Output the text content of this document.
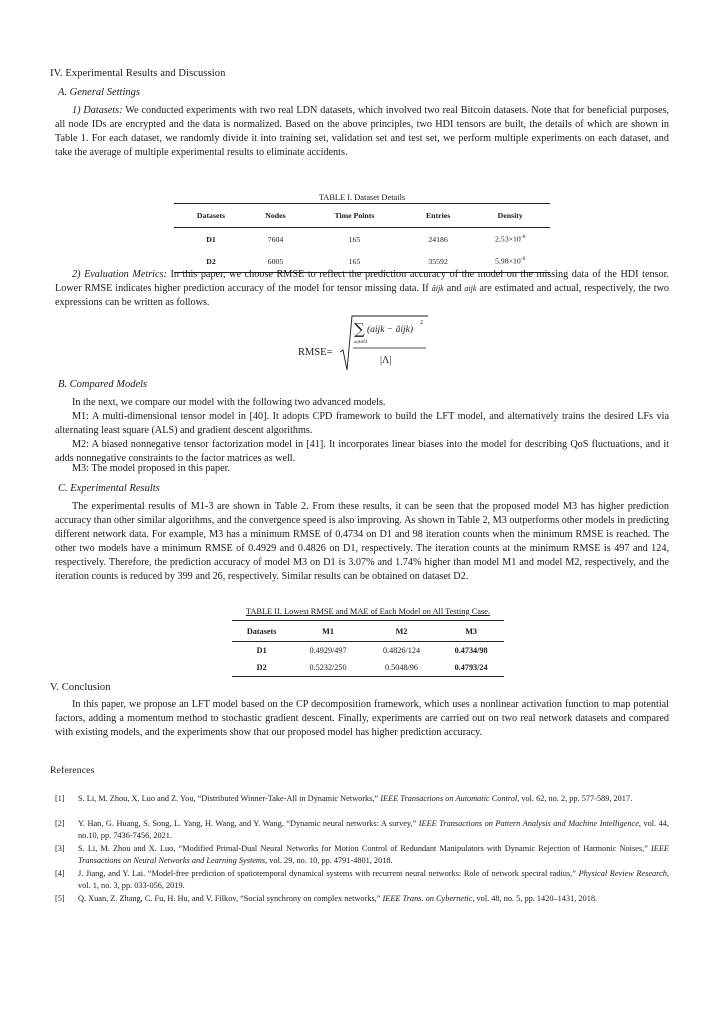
IV. Experimental Results and Discussion
A. General Settings

1) Datasets: We conducted experiments with two real LDN datasets, which involved two real Bitcoin datasets. Note that for beneficial purposes, all node IDs are encrypted and the data is normalized. Based on the above principles, two HDI tensors are built, the details of which are shown in Table 1. For each dataset, we randomly divide it into training set, validation set and test set, we perform multiple experiments on each dataset, and take the average of multiple experimental results to eliminate accidents.

TABLE I. Dataset Details
Datasets	Nodes	Time Points	Entries	Density
D1	7604	165	24186	$2.53\times 10^{-6}$
D2	6005	165	35592	$5.98\times 10^{-6}$

2) Evaluation Metrics: In this paper, we choose RMSE to reflect the prediction accuracy of the model on the missing data of the HDI tensor. Lower RMSE indicates higher prediction accuracy of the model for tensor missing data. If âijk and aijk are estimated and actual, respectively, the two expressions can be written as follows.

RMSE=
∑
aijk∈Λ
(aijk − âijk)
2
|Λ|
B. Compared Models
In the next, we compare our model with the following two advanced models.

M1: A multi-dimensional tensor model in [40]. It adopts CPD framework to build the LFT model, and alternatively trains the desired LFs via alternating least square (ALS) and gradient descent algorithms.

M2: A biased nonnegative tensor factorization model in [41]. It incorporates linear biases into the model for describing QoS fluctuations, and it adds nonnegative constraints to the factor matrices as well.

M3: The model proposed in this paper.
C. Experimental Results

The experimental results of M1-3 are shown in Table 2. From these results, it can be seen that the proposed model M3 has higher prediction accuracy than other similar algorithms, and the convergence speed is also improving. As shown in Table 2, M3 outperforms other models in predicting different network data. For example, M3 has a minimum RMSE of 0.4734 on D1 and 98 iteration counts when the minimum RMSE is reached. The other two models have a minimum RMSE of 0.4929 and 0.4826 on D1, respectively. The iteration counts at the minimum RMSE is 497 and 124, respectively. Therefore, the prediction accuracy of model M3 on D1 is 3.07% and 1.74% higher than model M1 and model M2, respectively, and the iteration counts is reduced by 399 and 26, respectively. Similar results can be obtained on dataset D2.

TABLE II. Lowest RMSE and MAE of Each Model on All Testing Case.
Datasets	M1	M2	M3
D1	0.4929/497	0.4826/124	0.4734/98
D2	0.5232/250	0.5048/96	0.4793/24
V. Conclusion

In this paper, we propose an LFT model based on the CP decomposition framework, which uses a nonlinear activation function to map potential factors, adding a momentum method to stochastic gradient descent. Finally, experiments are carried out on two real network datasets and compared with existing models, and the experiments show that our proposed model has higher prediction accuracy.

References
[1] S. Li, M. Zhou, X. Luo and Z. You, “Distributed Winner-Take-All in Dynamic Networks,” IEEE Transactions on Automatic Control, vol. 62, no. 2, pp. 577-589, 2017.
[2] Y. Han, G. Huang, S. Song, L. Yang, H. Wang, and Y. Wang. “Dynamic neural networks: A survey,” IEEE Transactions on Pattern Analysis and Machine Intelligence, vol. 44, no.10, pp. 7436-7456, 2021.
[3] S. Li, M. Zhou and X. Luo, “Modified Primal-Dual Neural Networks for Motion Control of Redundant Manipulators with Dynamic Rejection of Harmonic Noises,” IEEE Transactions on Neural Networks and Learning Systems, vol. 29, no. 10, pp. 4791-4801, 2018.
[4] J. Jiang, and Y. Lai. “Model-free prediction of spatiotemporal dynamical systems with recurrent neural networks: Role of network spectral radius,” Physical Review Research, vol. 1, no. 3, pp. 033-056, 2019.
[5] Q. Xuan, Z. Zhang, C. Fu, H. Hu, and V. Filkov, “Social synchrony on complex networks,” IEEE Trans. on Cybernetic, vol. 48, no. 5, pp. 1420–1431, 2018.
